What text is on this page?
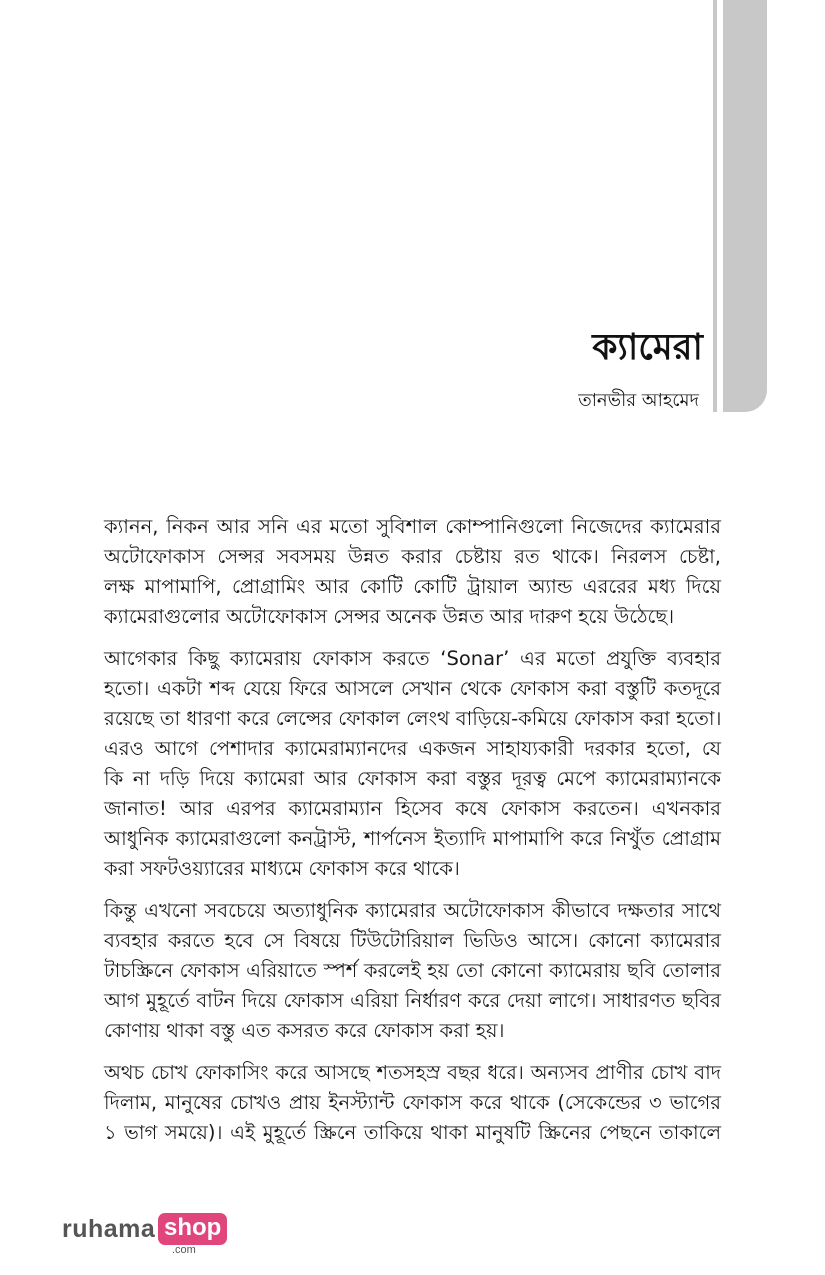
ক্যামেরা
তানভীর আহমেদ

ক্যানন, নিকন আর সনি এর মতো সুবিশাল কোম্পানিগুলো নিজেদের ক্যামেরার
অটোফোকাস সেন্সর সবসময় উন্নত করার চেষ্টায় রত থাকে। নিরলস চেষ্টা,
লক্ষ মাপামাপি, প্রোগ্রামিং আর কোটি কোটি ট্রায়াল অ্যান্ড এররের মধ্য দিয়ে
ক্যামেরাগুলোর অটোফোকাস সেন্সর অনেক উন্নত আর দারুণ হয়ে উঠেছে।

আগেকার কিছু ক্যামেরায় ফোকাস করতে ‘Sonar’ এর মতো প্রযুক্তি ব্যবহার
হতো। একটা শব্দ যেয়ে ফিরে আসলে সেখান থেকে ফোকাস করা বস্তুটি কতদূরে
রয়েছে তা ধারণা করে লেন্সের ফোকাল লেংথ বাড়িয়ে-কমিয়ে ফোকাস করা হতো।
এরও আগে পেশাদার ক্যামেরাম্যানদের একজন সাহায্যকারী দরকার হতো, যে
কি না দড়ি দিয়ে ক্যামেরা আর ফোকাস করা বস্তুর দূরত্ব মেপে ক্যামেরাম্যানকে
জানাত! আর এরপর ক্যামেরাম্যান হিসেব কষে ফোকাস করতেন। এখনকার
আধুনিক ক্যামেরাগুলো কনট্রাস্ট, শার্পনেস ইত্যাদি মাপামাপি করে নিখুঁত প্রোগ্রাম
করা সফটওয়্যারের মাধ্যমে ফোকাস করে থাকে।

কিন্তু এখনো সবচেয়ে অত্যাধুনিক ক্যামেরার অটোফোকাস কীভাবে দক্ষতার সাথে
ব্যবহার করতে হবে সে বিষয়ে টিউটোরিয়াল ভিডিও আসে। কোনো ক্যামেরার
টাচস্ক্রিনে ফোকাস এরিয়াতে স্পর্শ করলেই হয় তো কোনো ক্যামেরায় ছবি তোলার
আগ মুহূর্তে বাটন দিয়ে ফোকাস এরিয়া নির্ধারণ করে দেয়া লাগে। সাধারণত ছবির
কোণায় থাকা বস্তু এত কসরত করে ফোকাস করা হয়।

অথচ চোখ ফোকাসিং করে আসছে শতসহস্র বছর ধরে। অন্যসব প্রাণীর চোখ বাদ
দিলাম, মানুষের চোখও প্রায় ইনস্ট্যান্ট ফোকাস করে থাকে (সেকেন্ডের ৩ ভাগের
১ ভাগ সময়ে)। এই মুহূর্তে স্ক্রিনে তাকিয়ে থাকা মানুষটি স্ক্রিনের পেছনে তাকালে

ruhama shop
.com
